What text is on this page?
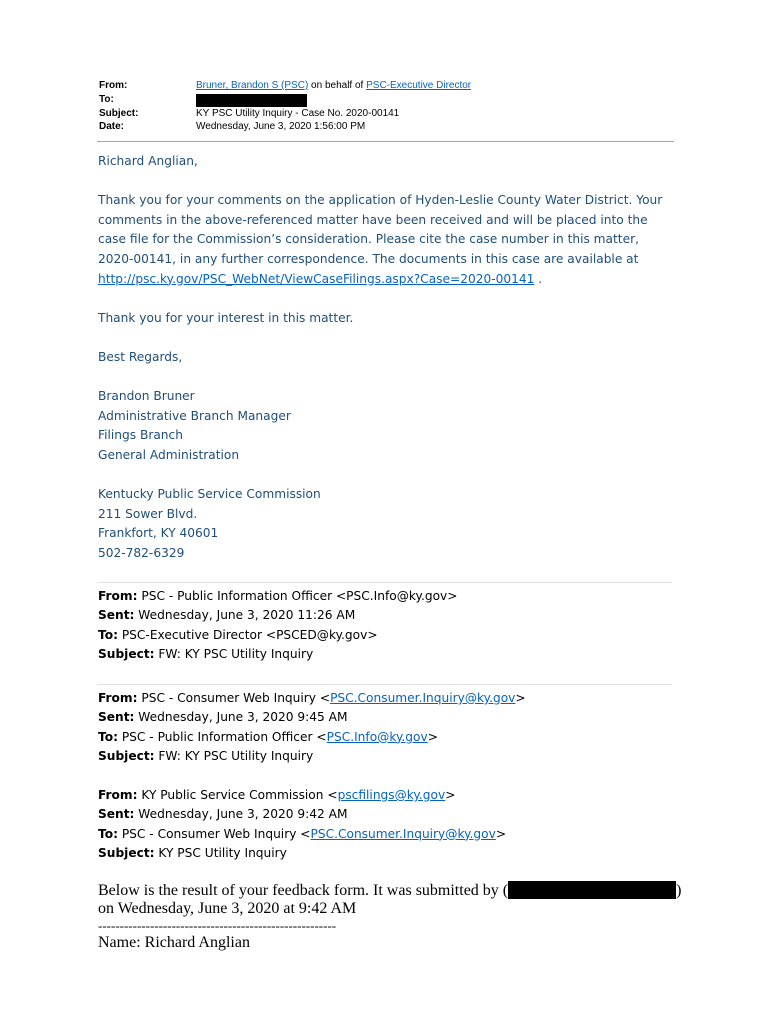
From:	Bruner, Brandon S (PSC) on behalf of PSC-Executive Director
To:
Subject:	KY PSC Utility Inquiry - Case No. 2020-00141
Date:	Wednesday, June 3, 2020 1:56:00 PM

Richard Anglian,

Thank you for your comments on the application of Hyden-Leslie County Water District. Your comments in the above-referenced matter have been received and will be placed into the case file for the Commission’s consideration. Please cite the case number in this matter, 2020-00141, in any further correspondence. The documents in this case are available at
http://psc.ky.gov/PSC_WebNet/ViewCaseFilings.aspx?Case=2020-00141 .

Thank you for your interest in this matter.

Best Regards,

Brandon Bruner

Administrative Branch Manager

Filings Branch

General Administration

Kentucky Public Service Commission

211 Sower Blvd.

Frankfort, KY 40601

502-782-6329

From: PSC - Public Information Officer <PSC.Info@ky.gov>

Sent: Wednesday, June 3, 2020 11:26 AM

To: PSC-Executive Director <PSCED@ky.gov>

Subject: FW: KY PSC Utility Inquiry

From: PSC - Consumer Web Inquiry <PSC.Consumer.Inquiry@ky.gov>

Sent: Wednesday, June 3, 2020 9:45 AM

To: PSC - Public Information Officer <PSC.Info@ky.gov>

Subject: FW: KY PSC Utility Inquiry

From: KY Public Service Commission <pscfilings@ky.gov>

Sent: Wednesday, June 3, 2020 9:42 AM

To: PSC - Consumer Web Inquiry <PSC.Consumer.Inquiry@ky.gov>

Subject: KY PSC Utility Inquiry

Below is the result of your feedback form. It was submitted by (	)

on Wednesday, June 3, 2020 at 9:42 AM

-------------------------------------------------------

Name: Richard Anglian
